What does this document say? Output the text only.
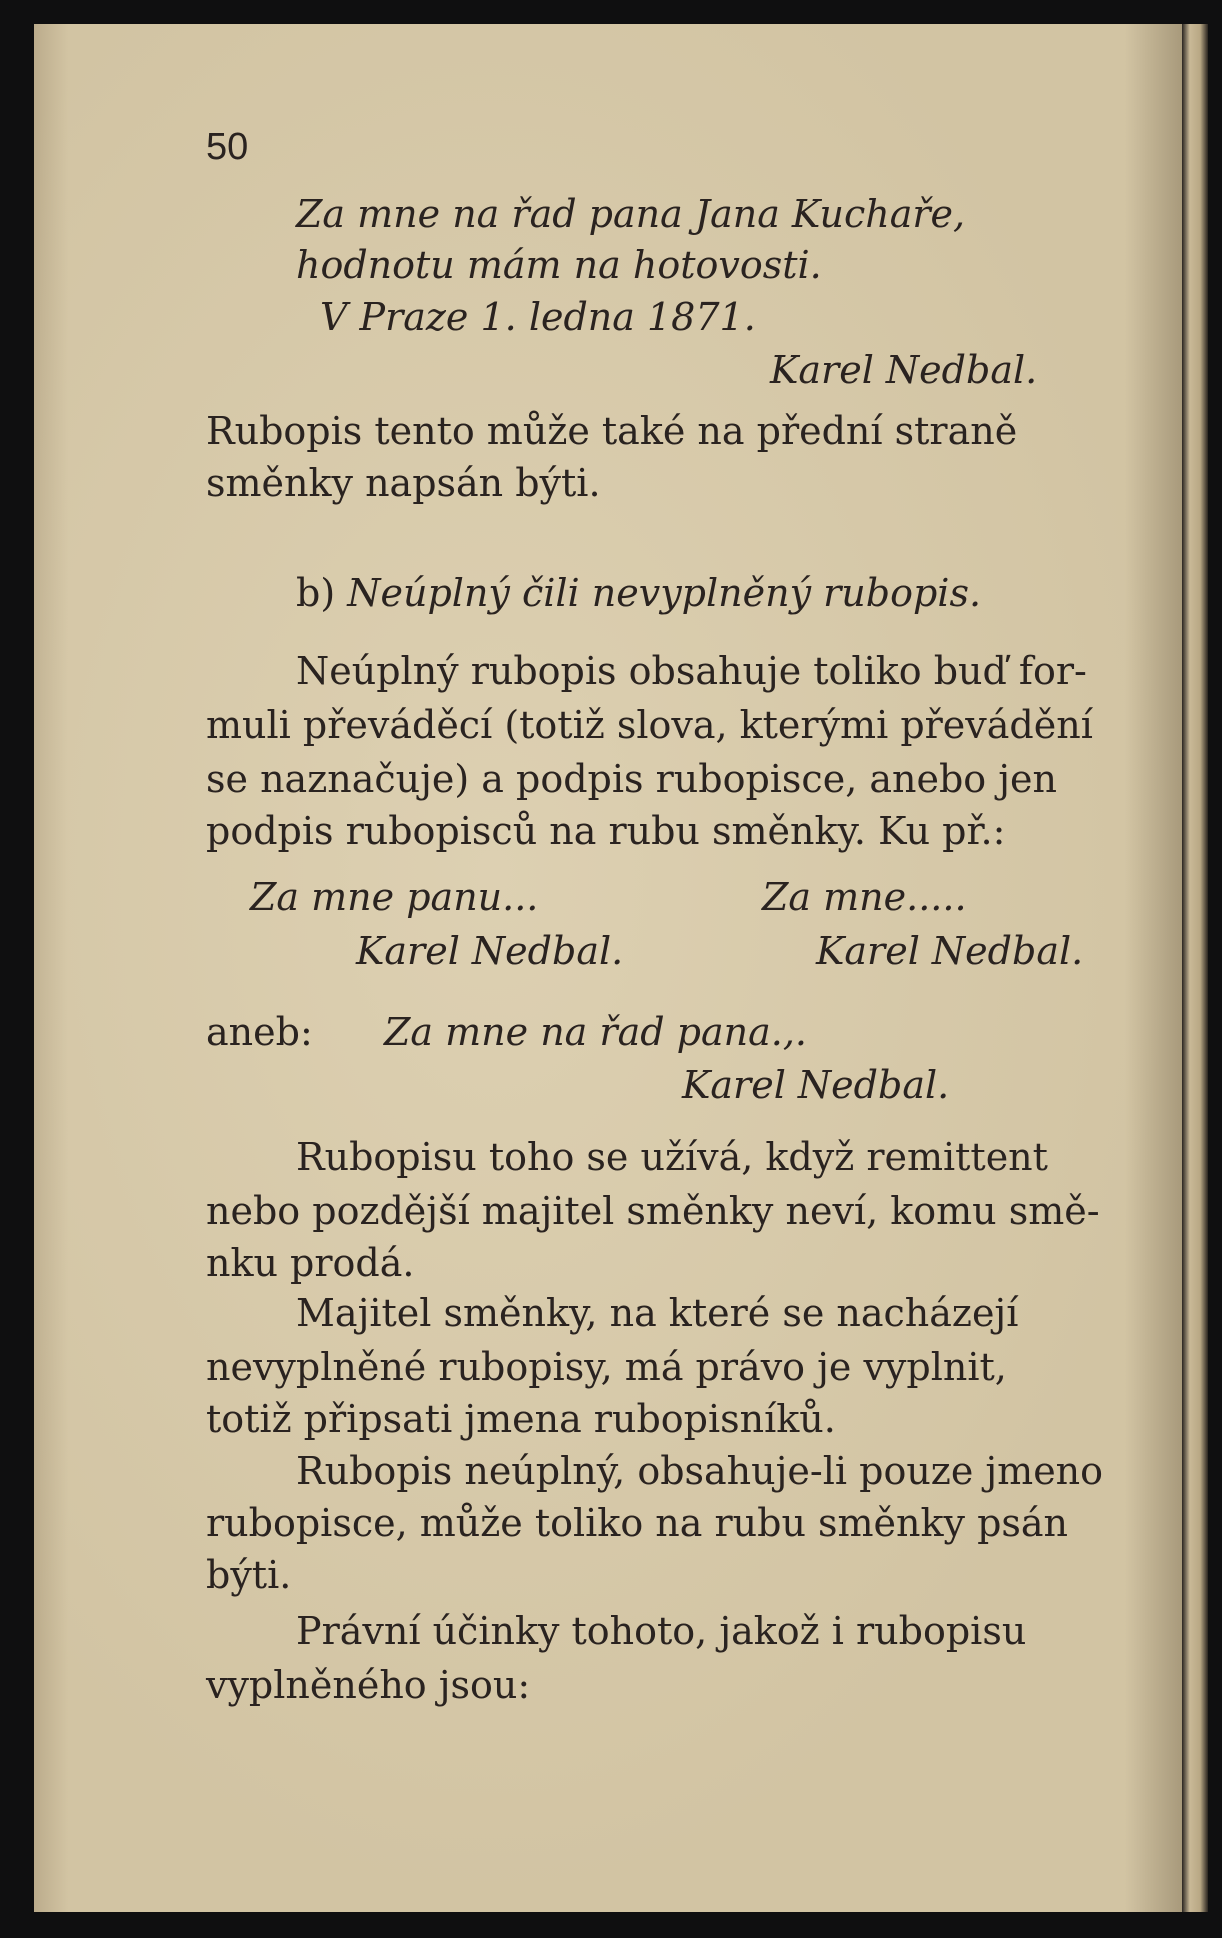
50
Za mne na řad pana Jana Kuchaře,
hodnotu mám na hotovosti.
V Praze 1. ledna 1871.
Karel Nedbal.
Rubopis tento může také na přední straně
směnky napsán býti.
b) Neúplný čili nevyplněný rubopis.
Neúplný rubopis obsahuje toliko buď for-
muli převáděcí (totiž slova, kterými převádění
se naznačuje) a podpis rubopisce, anebo jen
podpis rubopisců na rubu směnky. Ku př.:
Za mne panu...
Karel Nedbal.
Za mne.....
Karel Nedbal.
aneb: Za mne na řad pana.,.
Karel Nedbal.
Rubopisu toho se užívá, když remittent
nebo pozdější majitel směnky neví, komu smě-
nku prodá.
Majitel směnky, na které se nacházejí
nevyplněné rubopisy, má právo je vyplnit,
totiž připsati jmena rubopisníků.
Rubopis neúplný, obsahuje-li pouze jmeno
rubopisce, může toliko na rubu směnky psán
býti.
Právní účinky tohoto, jakož i rubopisu
vyplněného jsou:
